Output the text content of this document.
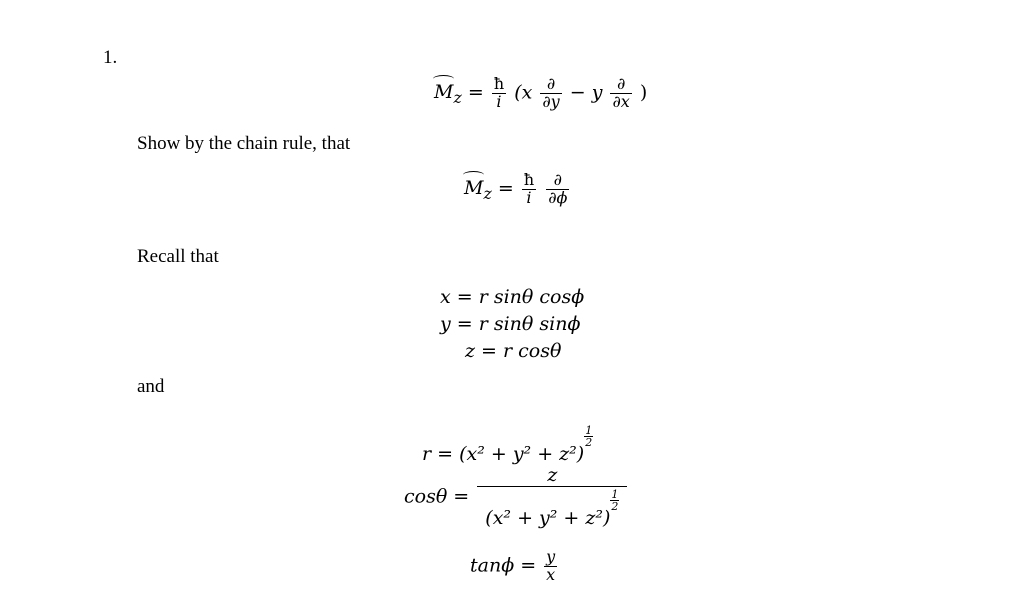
1.
Show by the chain rule, that
Recall that
and
$M_z = \frac{ħ}{i} (x \frac{\partial}{\partial y} - y \frac{\partial}{\partial x}$ )
$M_z = \frac{ħ}{i}$
$\frac{\partial}{\partial\phi}$
x = r sinθ cosϕ
y = r sinθ sinϕ
z = r cosθ
r = (x² + y² + z²)
$\frac{1}{2}$
cosθ = z
(x² + y² + z²)
$\frac{1}{2}$
$\tan\phi = \frac{y}{x}$
